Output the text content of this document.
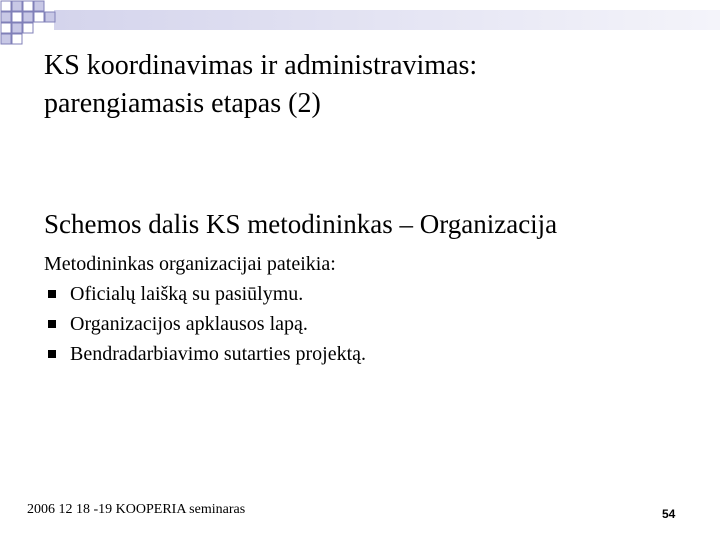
KS koordinavimas ir administravimas:
parengiamasis etapas (2)
Schemos dalis KS metodininkas – Organizacija
Metodininkas organizacijai pateikia:
Oficialų laišką su pasiūlymu.
Organizacijos apklausos lapą.
Bendradarbiavimo sutarties projektą.
2006 12 18 -19 KOOPERIA seminaras	54
